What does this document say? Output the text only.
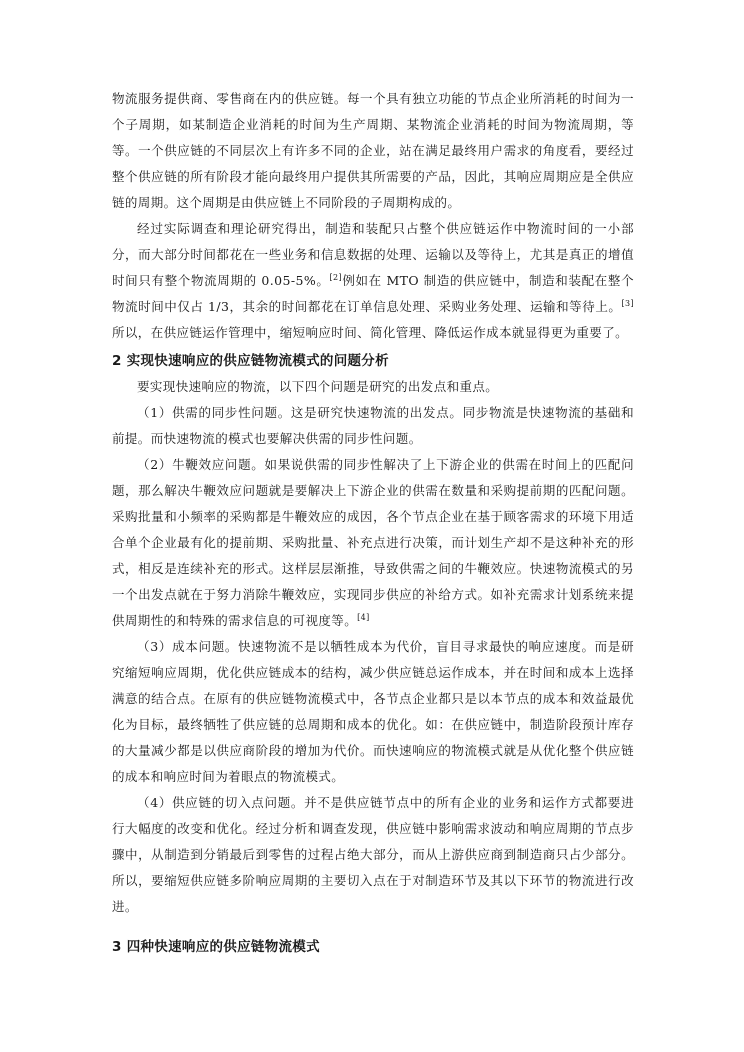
物流服务提供商、零售商在内的供应链。每一个具有独立功能的节点企业所消耗的时间为一个子周期，如某制造企业消耗的时间为生产周期、某物流企业消耗的时间为物流周期，等等。一个供应链的不同层次上有许多不同的企业，站在满足最终用户需求的角度看，要经过整个供应链的所有阶段才能向最终用户提供其所需要的产品，因此，其响应周期应是全供应链的周期。这个周期是由供应链上不同阶段的子周期构成的。

经过实际调查和理论研究得出，制造和装配只占整个供应链运作中物流时间的一小部分，而大部分时间都花在一些业务和信息数据的处理、运输以及等待上，尤其是真正的增值时间只有整个物流周期的 0.05-5%。[2]例如在 MTO 制造的供应链中，制造和装配在整个物流时间中仅占 1/3，其余的时间都花在订单信息处理、采购业务处理、运输和等待上。[3]所以，在供应链运作管理中，缩短响应时间、简化管理、降低运作成本就显得更为重要了。

2 实现快速响应的供应链物流模式的问题分析

要实现快速响应的物流，以下四个问题是研究的出发点和重点。

（1）供需的同步性问题。这是研究快速物流的出发点。同步物流是快速物流的基础和前提。而快速物流的模式也要解决供需的同步性问题。

（2）牛鞭效应问题。如果说供需的同步性解决了上下游企业的供需在时间上的匹配问题，那么解决牛鞭效应问题就是要解决上下游企业的供需在数量和采购提前期的匹配问题。采购批量和小频率的采购都是牛鞭效应的成因，各个节点企业在基于顾客需求的环境下用适合单个企业最有化的提前期、采购批量、补充点进行决策，而计划生产却不是这种补充的形式，相反是连续补充的形式。这样层层渐推，导致供需之间的牛鞭效应。快速物流模式的另一个出发点就在于努力消除牛鞭效应，实现同步供应的补给方式。如补充需求计划系统来提供周期性的和特殊的需求信息的可视度等。[4]

（3）成本问题。快速物流不是以牺牲成本为代价，盲目寻求最快的响应速度。而是研究缩短响应周期，优化供应链成本的结构，减少供应链总运作成本，并在时间和成本上选择满意的结合点。在原有的供应链物流模式中，各节点企业都只是以本节点的成本和效益最优化为目标，最终牺牲了供应链的总周期和成本的优化。如：在供应链中，制造阶段预计库存的大量减少都是以供应商阶段的增加为代价。而快速响应的物流模式就是从优化整个供应链的成本和响应时间为着眼点的物流模式。

（4）供应链的切入点问题。并不是供应链节点中的所有企业的业务和运作方式都要进行大幅度的改变和优化。经过分析和调查发现，供应链中影响需求波动和响应周期的节点步骤中，从制造到分销最后到零售的过程占绝大部分，而从上游供应商到制造商只占少部分。所以，要缩短供应链多阶响应周期的主要切入点在于对制造环节及其以下环节的物流进行改进。

3 四种快速响应的供应链物流模式
